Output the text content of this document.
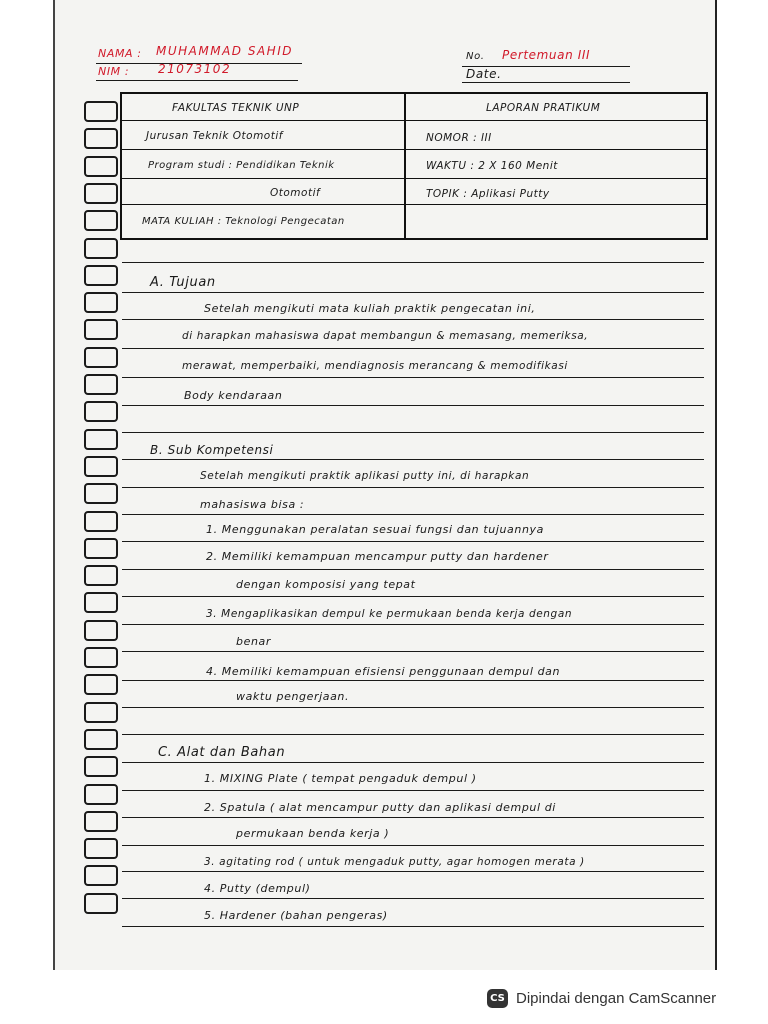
NAMA : MUHAMMAD SAHID
NIM : 21073102
No. Pertemuan III
Date.
FAKULTAS TEKNIK UNP
Jurusan Teknik Otomotif
Program studi : Pendidikan Teknik
Otomotif
MATA KULIAH : Teknologi Pengecatan
LAPORAN PRATIKUM
NOMOR : III
WAKTU : 2 X 160 Menit
TOPIK : Aplikasi Putty
A. Tujuan
Setelah mengikuti mata kuliah praktik pengecatan ini,
di harapkan mahasiswa dapat membangun & memasang, memeriksa,
merawat, memperbaiki, mendiagnosis merancang & memodifikasi
Body kendaraan
B. Sub Kompetensi
Setelah mengikuti praktik aplikasi putty ini, di harapkan
mahasiswa bisa :
1. Menggunakan peralatan sesuai fungsi dan tujuannya
2. Memiliki kemampuan mencampur putty dan hardener
dengan komposisi yang tepat
3. Mengaplikasikan dempul ke permukaan benda kerja dengan
benar
4. Memiliki kemampuan efisiensi penggunaan dempul dan
waktu pengerjaan.
C. Alat dan Bahan
1. MIXING Plate ( tempat pengaduk dempul )
2. Spatula ( alat mencampur putty dan aplikasi dempul di
permukaan benda kerja )
3. agitating rod ( untuk mengaduk putty, agar homogen merata )
4. Putty (dempul)
5. Hardener (bahan pengeras)
CS Dipindai dengan CamScanner
